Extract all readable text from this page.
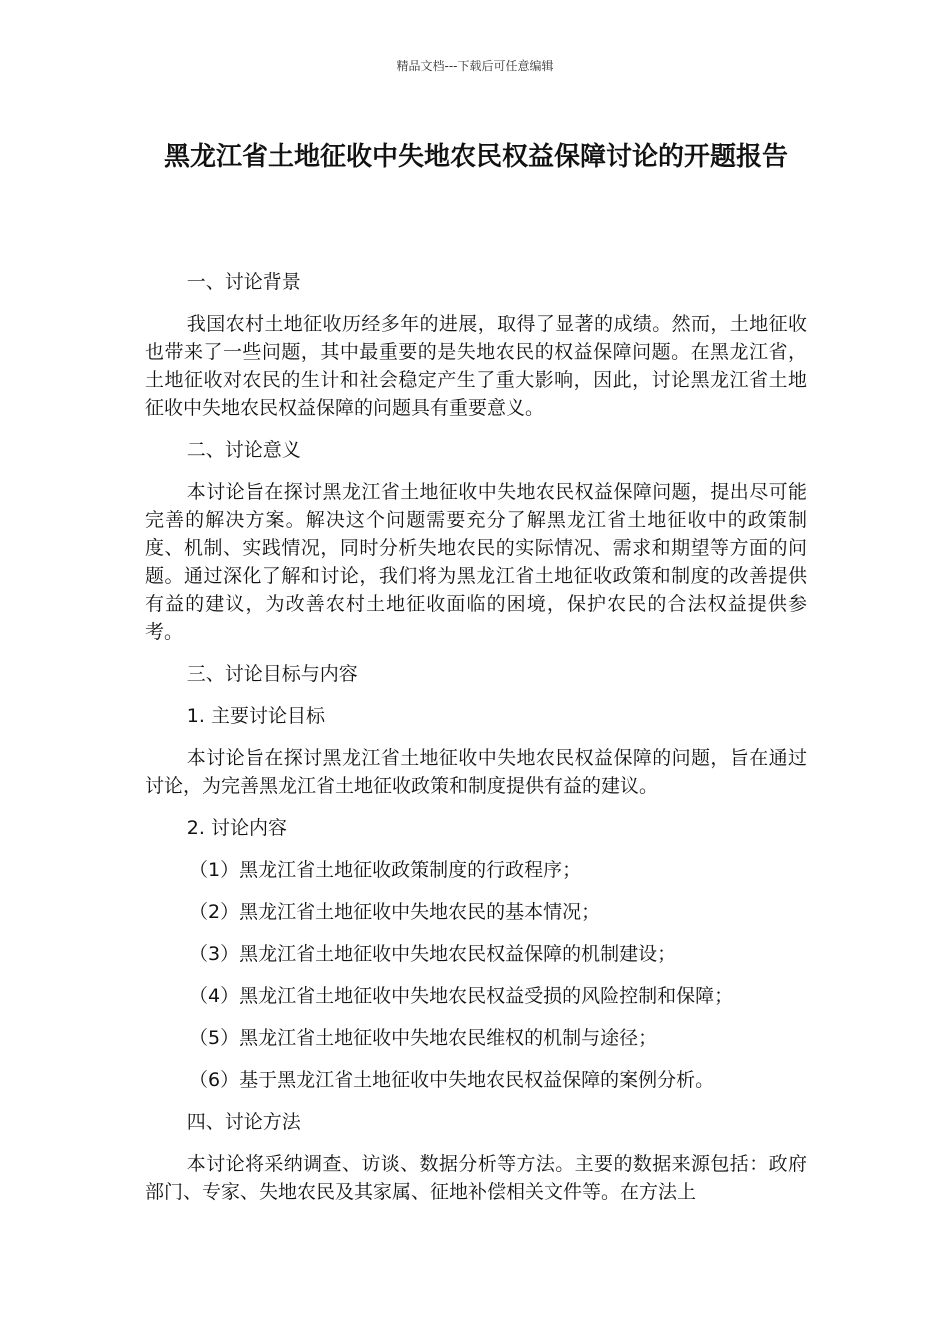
精品文档---下载后可任意编辑
黑龙江省土地征收中失地农民权益保障讨论的开题报告

一、讨论背景

我国农村土地征收历经多年的进展，取得了显著的成绩。然而，土地征收也带来了一些问题，其中最重要的是失地农民的权益保障问题。在黑龙江省，土地征收对农民的生计和社会稳定产生了重大影响，因此，讨论黑龙江省土地征收中失地农民权益保障的问题具有重要意义。

二、讨论意义

本讨论旨在探讨黑龙江省土地征收中失地农民权益保障问题，提出尽可能完善的解决方案。解决这个问题需要充分了解黑龙江省土地征收中的政策制度、机制、实践情况，同时分析失地农民的实际情况、需求和期望等方面的问题。通过深化了解和讨论，我们将为黑龙江省土地征收政策和制度的改善提供有益的建议，为改善农村土地征收面临的困境，保护农民的合法权益提供参考。

三、讨论目标与内容

1. 主要讨论目标

本讨论旨在探讨黑龙江省土地征收中失地农民权益保障的问题，旨在通过讨论，为完善黑龙江省土地征收政策和制度提供有益的建议。

2. 讨论内容

（1）黑龙江省土地征收政策制度的行政程序；

（2）黑龙江省土地征收中失地农民的基本情况；

（3）黑龙江省土地征收中失地农民权益保障的机制建设；

（4）黑龙江省土地征收中失地农民权益受损的风险控制和保障；

（5）黑龙江省土地征收中失地农民维权的机制与途径；

（6）基于黑龙江省土地征收中失地农民权益保障的案例分析。

四、讨论方法

本讨论将采纳调查、访谈、数据分析等方法。主要的数据来源包括：政府部门、专家、失地农民及其家属、征地补偿相关文件等。在方法上
